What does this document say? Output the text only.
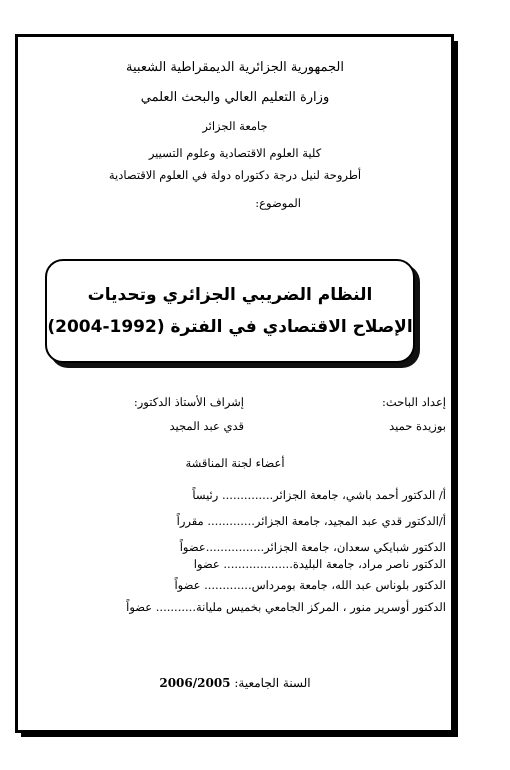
الجمهورية الجزائرية الديمقراطية الشعبية
وزارة التعليم العالي والبحث العلمي
جامعة الجزائر
كلية العلوم الاقتصادية وعلوم التسيير
أطروحة لنيل درجة دكتوراه دولة في العلوم الاقتصادية
الموضوع:
النظام الضريبي الجزائري وتحديات
الإصلاح الاقتصادي في الفترة (1992-2004)
إعداد الباحث:
بوزيدة حميد
إشراف الأستاذ الدكتور:
قدي عبد المجيد
أعضاء لجنة المناقشة
أ/ الدكتور أحمد باشي، جامعة الجزائر.............. رئيساً
أ/الدكتور قدي عبد المجيد، جامعة الجزائر............. مقرراً
الدكتور شبايكي سعدان، جامعة الجزائر................عضواً
الدكتور ناصر مراد، جامعة البليدة................... عضوا
الدكتور بلوناس عبد الله، جامعة بومرداس............. عضواً
الدكتور أوسرير منور ، المركز الجامعي بخميس مليانة........... عضواً
السنة الجامعية: 2006/2005
